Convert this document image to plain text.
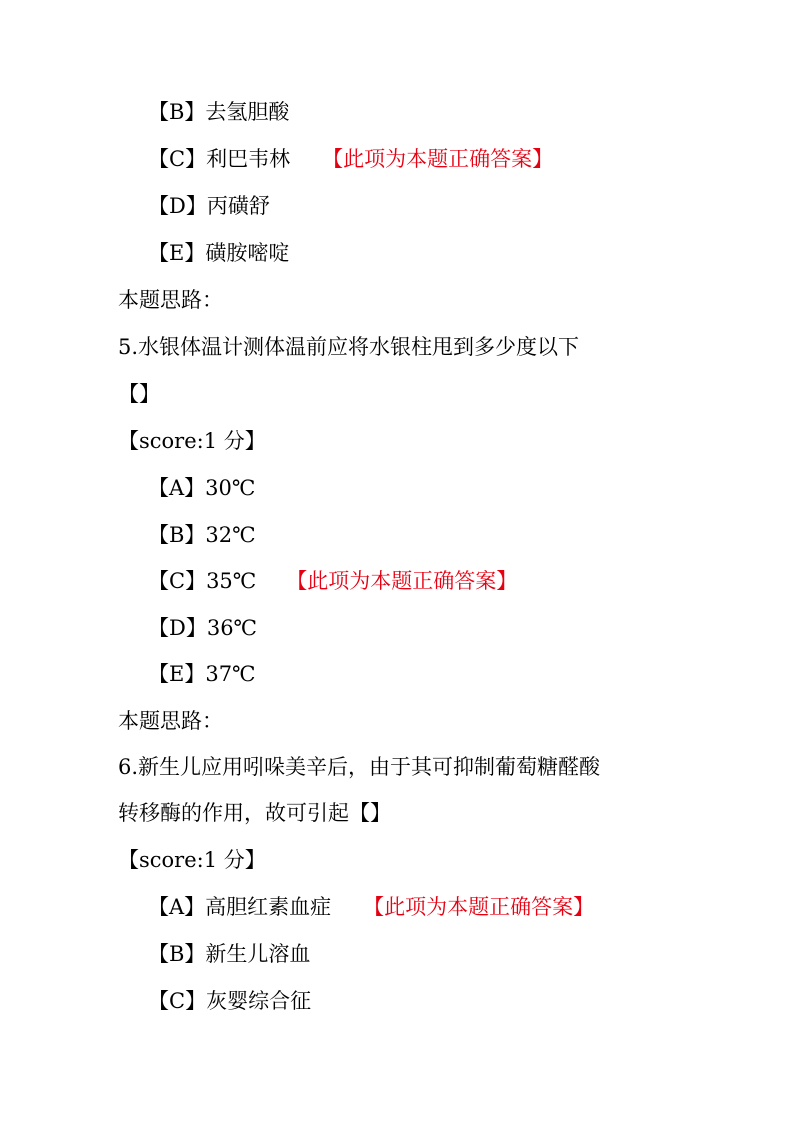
【B】去氢胆酸
【C】利巴韦林 【此项为本题正确答案】
【D】丙磺舒
【E】磺胺嘧啶
本题思路：
5.水银体温计测体温前应将水银柱甩到多少度以下
【】
【score:1 分】
【A】30℃
【B】32℃
【C】35℃ 【此项为本题正确答案】
【D】36℃
【E】37℃
本题思路：
6.新生儿应用吲哚美辛后，由于其可抑制葡萄糖醛酸
转移酶的作用，故可引起【】
【score:1 分】
【A】高胆红素血症 【此项为本题正确答案】
【B】新生儿溶血
【C】灰婴综合征
